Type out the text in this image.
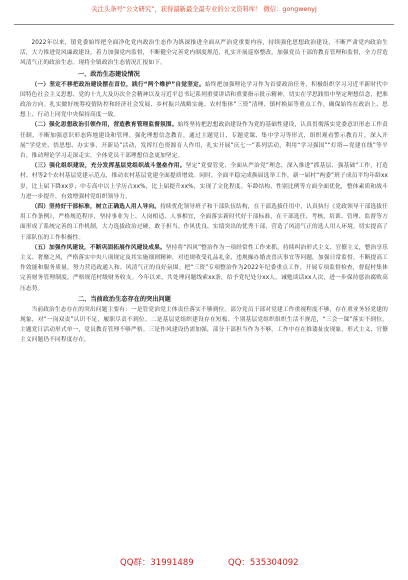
关注头条号“公文研究”，获得最新最全最专业的公文资料库！ 微信：gongwenyj

2022年以来，镇党委始终把全面净化党内政治生态作为纵深推进全面从严治党重要内容，持续强化思想政治建设，不断严肃党内政治生活，大力推进党风廉政建设，着力加强党内监督，不断健全完善党内制度规范，扎实开展巡察整改，加强党员干部的教育管理和监督，全力营造风清气正的政治生态。现将全镇政治生态情况汇报如下。

一、政治生态建设情况

（一）坚定不移把政治建设摆在首位，践行“两个维护”自觉坚定。始终把加强理论学习作为首要政治任务，积极组织学习习近平新时代中国特色社会主义思想、党的十九大及历次全会精神以及习近平总书记系列重要讲话和重要指示批示精神，切实在学思践悟中坚定理想信念，把准政治方向。扎实做好统筹疫情防控和经济社会发展、乡村振兴战略实施、农村集体“三资”清理、镇村换届等重点工作，确保始终在政治上、思想上、行动上同党中央保持高度一致。

（二）强化思想政治引领作用，营造教育管理监督氛围。始终坚持把思想政治建设作为党的基础性建设，认真贯彻落实党委意识形态工作责任制，不断加强意识形态阵地建设和管理。强化理想信念教育，通过主题党日、专题党课、集中学习等形式，组织观看警示教育片，深入开展“学党史、悟思想、办实事、开新局”活动，发挥红色资源育人作用，扎实开展“庆七一”系列活动，利用“学习强国”“灯塔—党建在线”等平台，推动理论学习走深走实，全体党员干部理想信念更加坚定。

（三）强化组织建设，充分发挥基层党组织战斗堡垒作用。坚定“党要管党、全面从严治党”理念，深入推进“抓基层、强基础”工作，打造村、村等2个农村基层党建示范点，推动农村基层党建全面提质增效。同时，全面平稳完成换届选举工作，新一届村“两委”班子成员平均年龄xx岁，比上届下降xx岁；中专高中以上学历占xx%，比上届提升xx%，实现了文化程度、年龄结构、性别比例等方面全面优化，整体素质和战斗力进一步提升，有效增强村党组织领导力。

（四）坚持好干部标准，树立正确选人用人导向。持续优化领导班子和干部队伍结构，在干部选拔任用中，认真执行《党政领导干部选拔任用工作条例》，严格规范程序，坚持事业为上、人岗相适、人事相宜，全面落实新时代好干部标准，在干部选任、考核、培训、管理、监督等方面形成了系统完善的工作机制，大力选拔政治过硬、敢于担当、作风优良、实绩突出的优秀干部，营造了风清气正的选人用人环境，切实提高了干部队伍的工作积极性。

（五）加强作风建设，不断巩固拓展作风建设成果。坚持将“四风”整治作为一项经常性工作来抓，持续纠治形式主义、官僚主义，整治享乐主义、奢靡之风，严格落实中央八项规定及其实施细则精神，对违规收受礼品礼金、违规操办婚丧喜庆事宜等问题，加强日常监督，不断提高工作效能和服务质量，努力营造政通人和、风清气正的良好氛围。把“三资”专项整治作为2022年纪委重点工作，开展专项监督检查，督促村集体完善财务管理制度，严格规范村级财务收支。今年以来，共处理问题线索xx条，给予党纪处分xx人，诫勉谈话xx人次，进一步保持惩治腐败高压态势。

二、当前政治生态存在的突出问题

当前政治生态存在的突出问题主要有：一是管党治党主体责任落实不够到位。部分党员干部对党建工作重视程度不够，存在重业务轻党建的现象，对“一岗双责”认识不足，履职尽责不到位。二是基层党组织建设存在短板。个别基层党组织组织生活不规范，“三会一课”落实不到位，主题党日活动形式单一，党员教育管理不够严格。三是作风建设仍需加强，部分干部担当作为不够，工作中存在推诿扯皮现象，形式主义、官僚主义问题仍不同程度存在。

QQ群：31991489	QQ：535304092
